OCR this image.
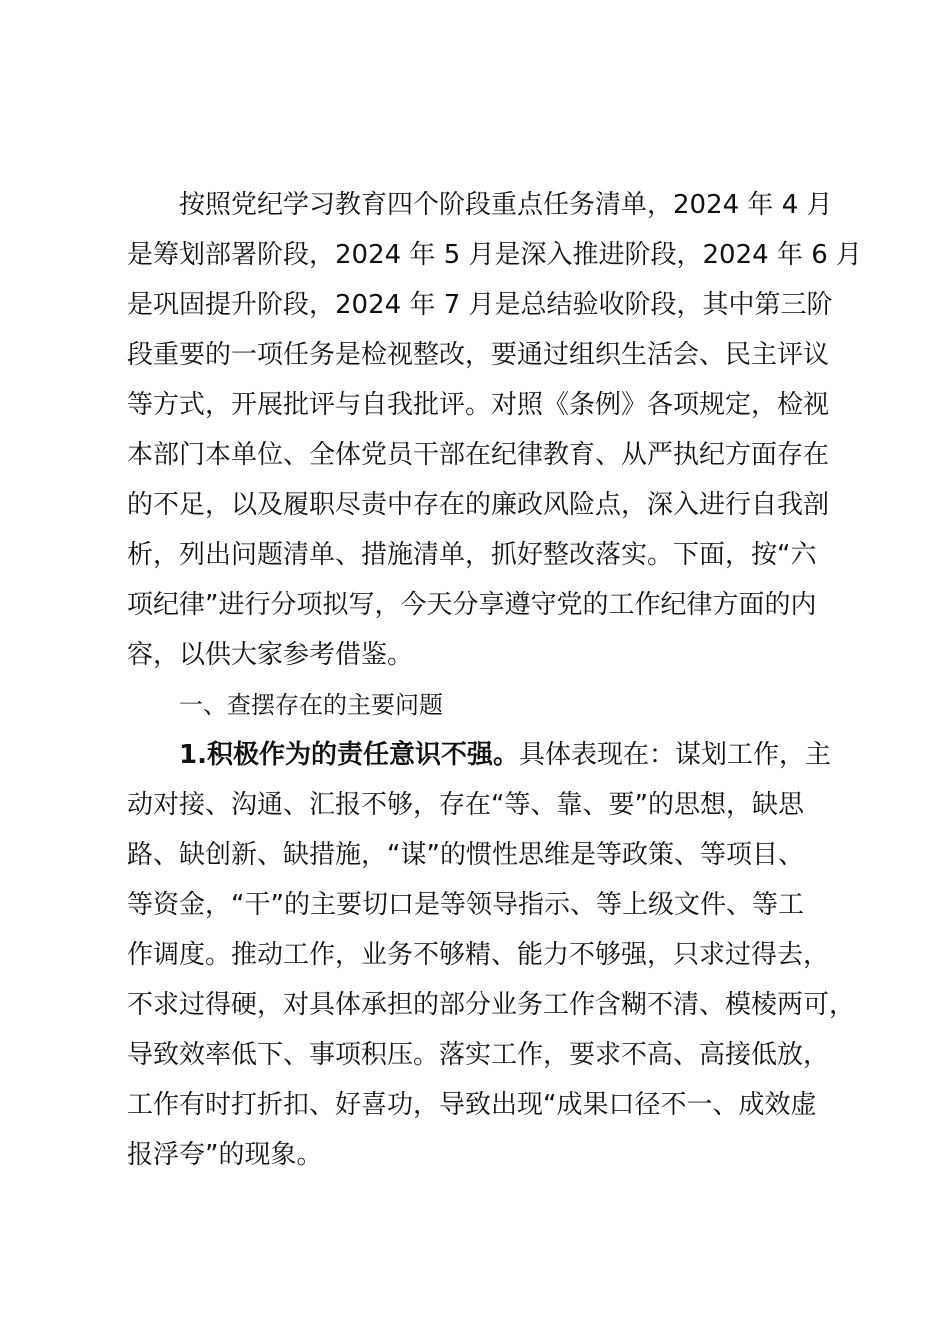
按照党纪学习教育四个阶段重点任务清单，2024 年 4 月
是筹划部署阶段，2024 年 5 月是深入推进阶段，2024 年 6 月
是巩固提升阶段，2024 年 7 月是总结验收阶段，其中第三阶
段重要的一项任务是检视整改，要通过组织生活会、民主评议
等方式，开展批评与自我批评。对照《条例》各项规定，检视
本部门本单位、全体党员干部在纪律教育、从严执纪方面存在
的不足，以及履职尽责中存在的廉政风险点，深入进行自我剖
析，列出问题清单、措施清单，抓好整改落实。下面，按“六
项纪律”进行分项拟写，今天分享遵守党的工作纪律方面的内
容，以供大家参考借鉴。
一、查摆存在的主要问题
1.积极作为的责任意识不强。具体表现在：谋划工作，主
动对接、沟通、汇报不够，存在“等、靠、要”的思想，缺思
路、缺创新、缺措施，“谋”的惯性思维是等政策、等项目、
等资金，“干”的主要切口是等领导指示、等上级文件、等工
作调度。推动工作，业务不够精、能力不够强，只求过得去，
不求过得硬，对具体承担的部分业务工作含糊不清、模棱两可，
导致效率低下、事项积压。落实工作，要求不高、高接低放，
工作有时打折扣、好喜功，导致出现“成果口径不一、成效虚
报浮夸”的现象。
